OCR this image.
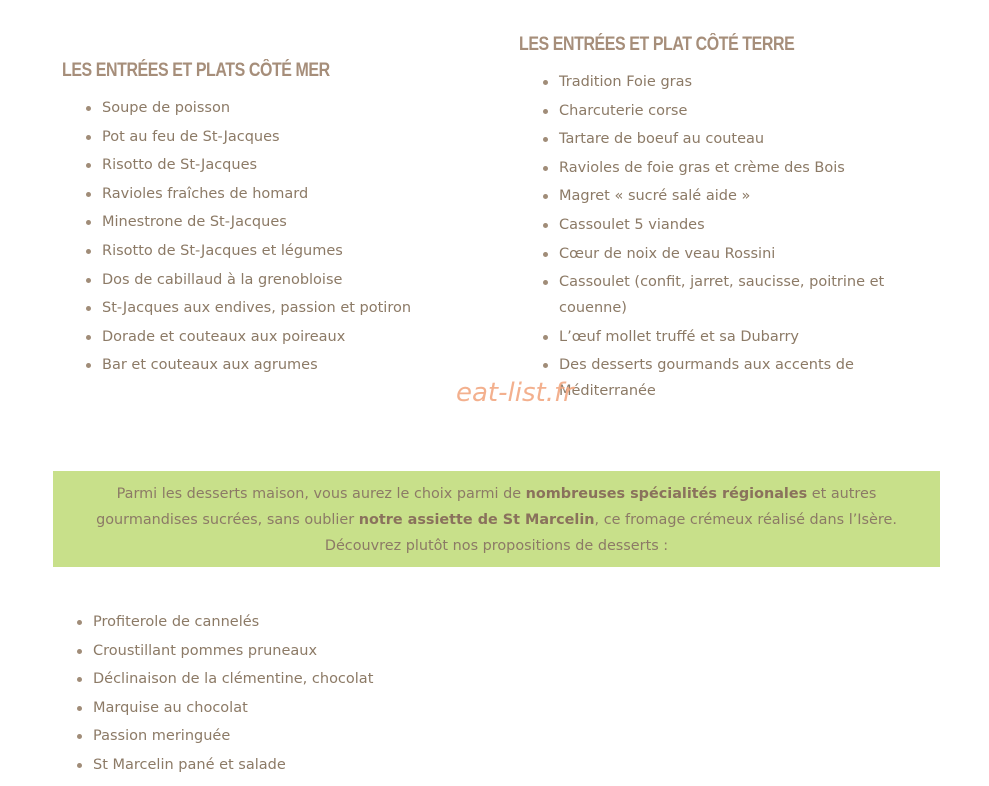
LES ENTRÉES ET PLATS CÔTÉ MER
Soupe de poisson
Pot au feu de St-Jacques
Risotto de St-Jacques
Ravioles fraîches de homard
Minestrone de St-Jacques
Risotto de St-Jacques et légumes
Dos de cabillaud à la grenobloise
St-Jacques aux endives, passion et potiron
Dorade et couteaux aux poireaux
Bar et couteaux aux agrumes
LES ENTRÉES ET PLAT CÔTÉ TERRE
Tradition Foie gras
Charcuterie corse
Tartare de boeuf au couteau
Ravioles de foie gras et crème des Bois
Magret « sucré salé aide »
Cassoulet 5 viandes
Cœur de noix de veau Rossini
Cassoulet (confit, jarret, saucisse, poitrine et couenne)
L’œuf mollet truffé et sa Dubarry
Des desserts gourmands aux accents de Méditerranée
eat-list.fr
Parmi les desserts maison, vous aurez le choix parmi de nombreuses spécialités régionales et autres gourmandises sucrées, sans oublier notre assiette de St Marcelin, ce fromage crémeux réalisé dans l’Isère. Découvrez plutôt nos propositions de desserts :
Profiterole de cannelés
Croustillant pommes pruneaux
Déclinaison de la clémentine, chocolat
Marquise au chocolat
Passion meringuée
St Marcelin pané et salade
